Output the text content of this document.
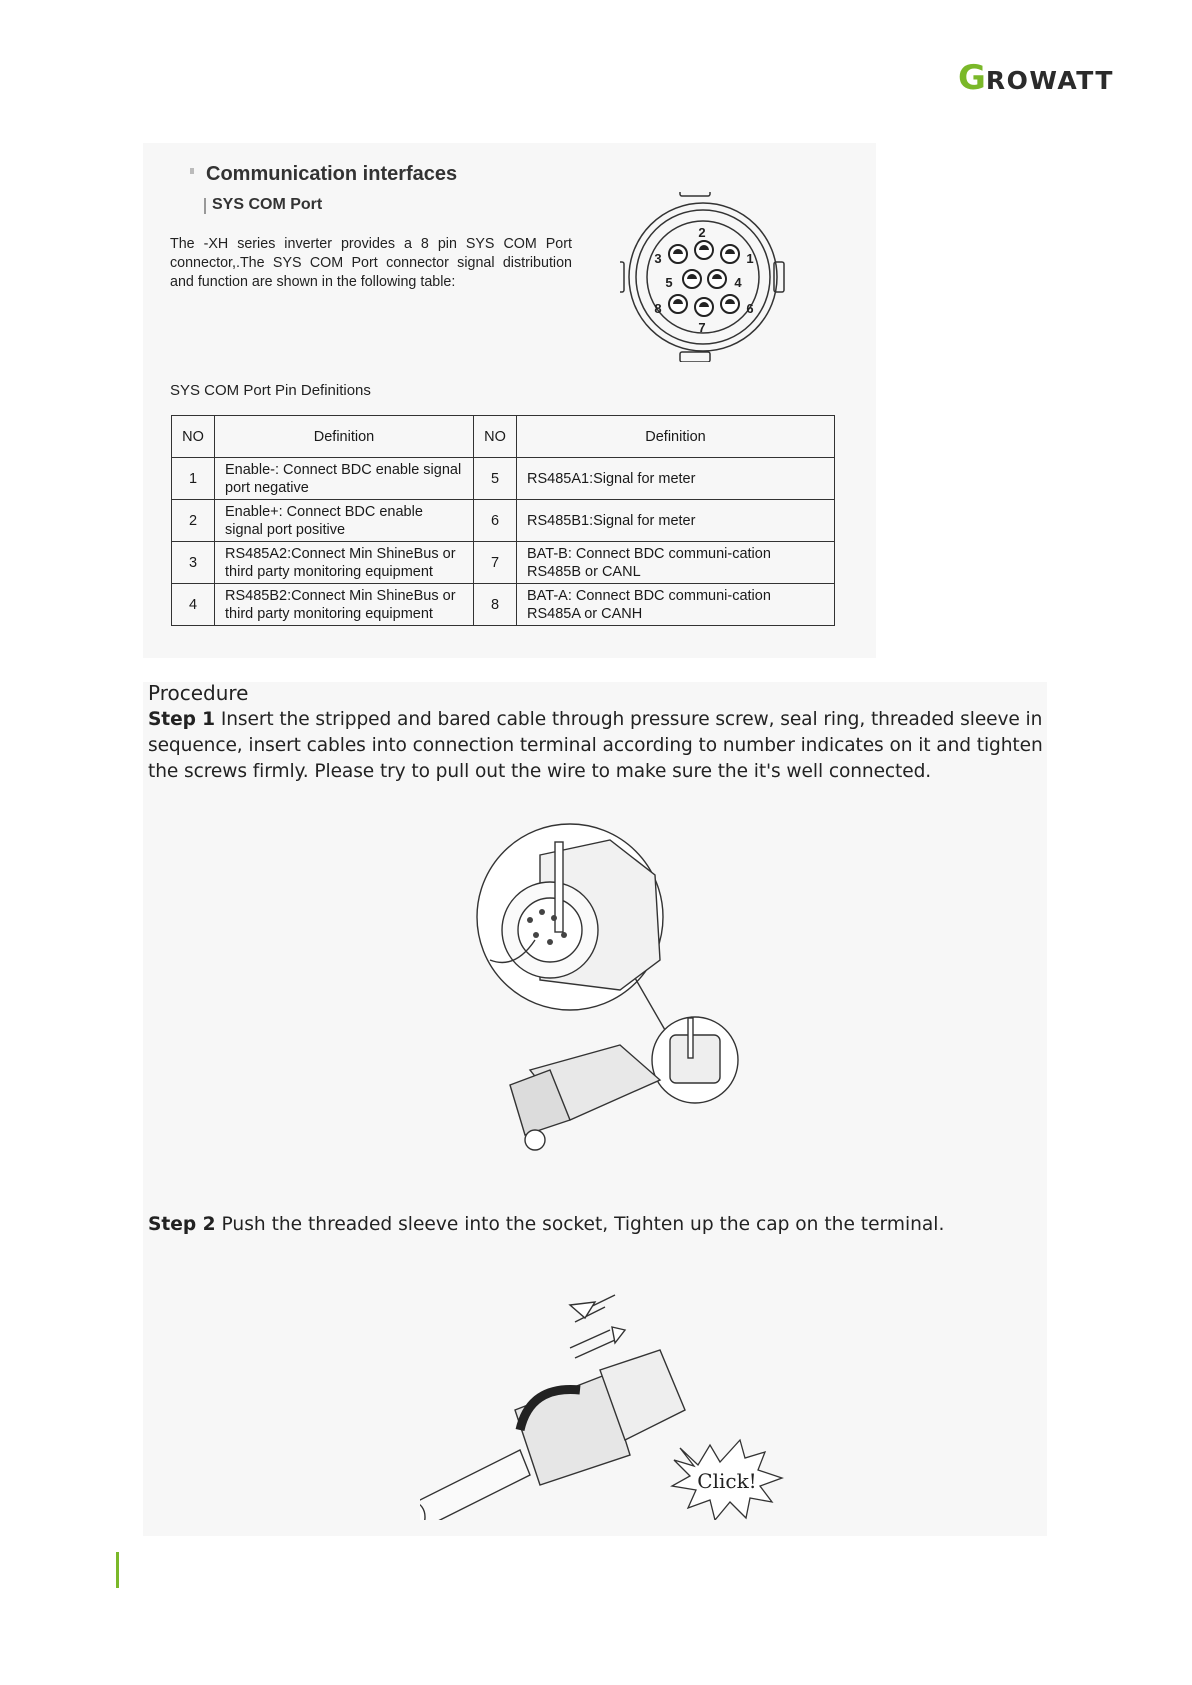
G ROWATT
Communication interfaces
SYS COM Port
The -XH series inverter provides a 8 pin SYS COM Port connector,.The SYS COM Port connector signal distribution and function are shown in the following table:
1
2
3
4
5
6
7
8
SYS COM Port Pin Definitions
NO	Definition	NO	Definition
1	Enable-: Connect BDC enable signal port negative	5	RS485A1:Signal for meter
2	Enable+: Connect BDC enable signal port positive	6	RS485B1:Signal for meter
3	RS485A2:Connect Min ShineBus or third party monitoring equipment	7	BAT-B: Connect BDC communi-cation RS485B or CANL
4	RS485B2:Connect Min ShineBus or third party monitoring equipment	8	BAT-A: Connect BDC communi-cation RS485A or CANH
Procedure
Step 1 Insert the stripped and bared cable through pressure screw, seal ring, threaded sleeve in sequence, insert cables into connection terminal according to number indicates on it and tighten the screws firmly. Please try to pull out the wire to make sure the it's well connected.
Step 2 Push the threaded sleeve into the socket, Tighten up the cap on the terminal.
Click!
